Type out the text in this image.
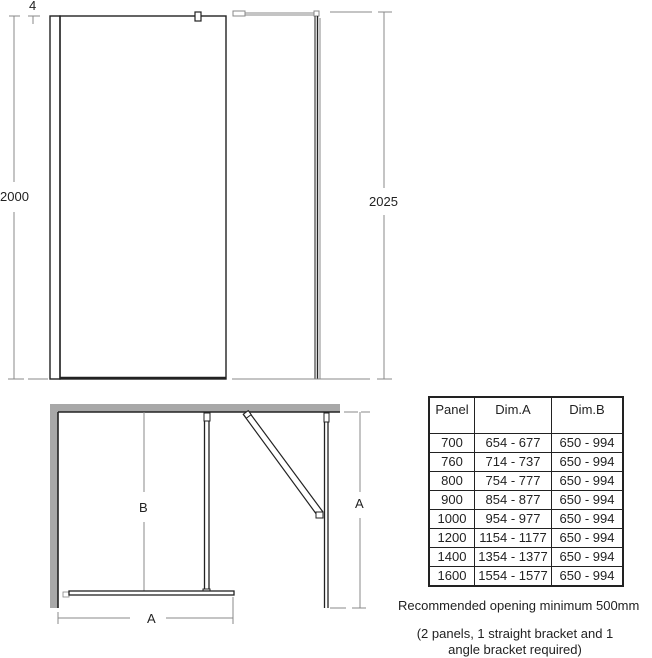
4
2000	2025
B	A
A
Panel	Dim.A	Dim.B
700	654 - 677	650 - 994
760	714 - 737	650 - 994
800	754 - 777	650 - 994
900	854 - 877	650 - 994
1000	954 - 977	650 - 994
1200	1154 - 1177	650 - 994
1400	1354 - 1377	650 - 994
1600	1554 - 1577	650 - 994
Recommended opening minimum 500mm
(2 panels, 1 straight bracket and 1 angle bracket required)
